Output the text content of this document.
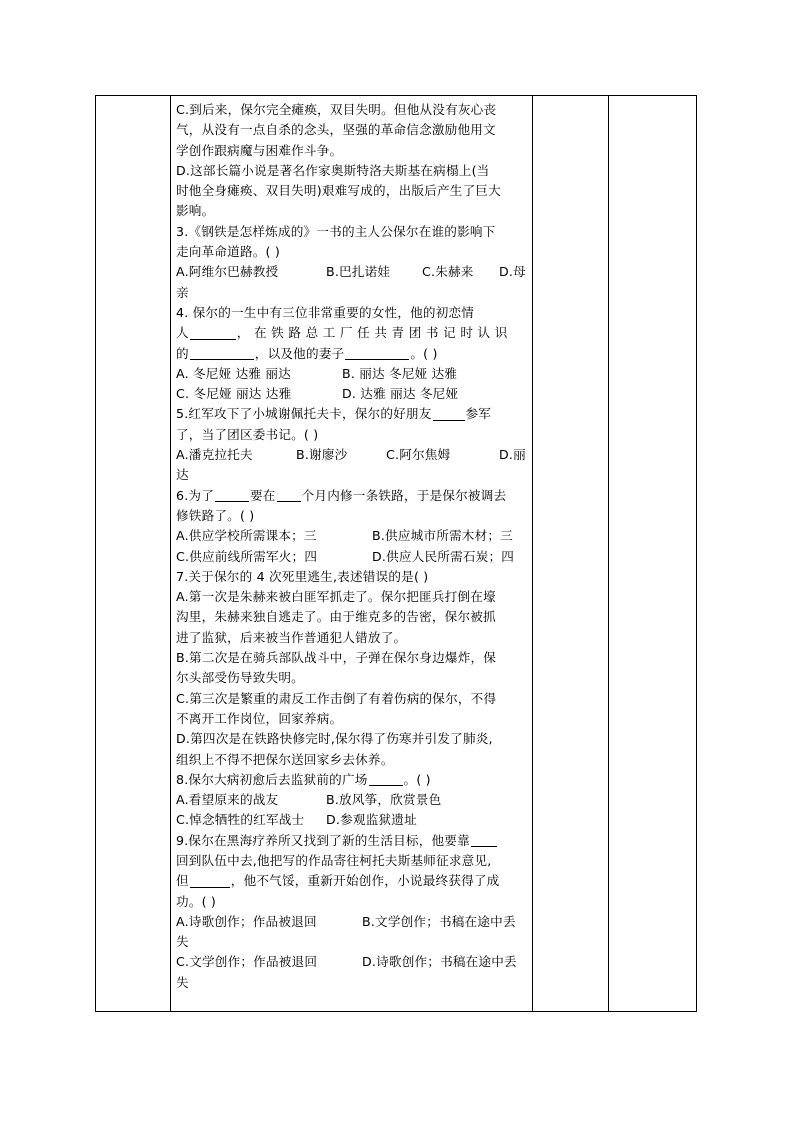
C.到后来，保尔完全瘫痪，双目失明。但他从没有灰心丧
气，从没有一点自杀的念头，坚强的革命信念激励他用文
学创作跟病魔与困难作斗争。
D.这部长篇小说是著名作家奥斯特洛夫斯基在病榻上(当
时他全身瘫痪、双目失明)艰难写成的，出版后产生了巨大
影响。
3.《钢铁是怎样炼成的》一书的主人公保尔在谁的影响下
走向革命道路。( )
A.阿维尔巴赫教授	B.巴扎诺娃	C.朱赫来 D.母
亲
4. 保尔的一生中有三位非常重要的女性，他的初恋情
人	，在铁路总工厂任共青团书记时认识
的	，以及他的妻子	。( )
A. 冬尼娅 达雅 丽达	B. 丽达 冬尼娅 达雅
C. 冬尼娅 丽达 达雅	D. 达雅 丽达 冬尼娅
5.红军攻下了小城谢佩托夫卡，保尔的好朋友	参军
了，当了团区委书记。( )
A.潘克拉托夫	B.谢廖沙	C.阿尔焦姆	D.丽
达
6.为了	要在 个月内修一条铁路，于是保尔被调去
修铁路了。( )
A.供应学校所需课本；三	B.供应城市所需木材；三
C.供应前线所需军火；四	D.供应人民所需石炭；四
7.关于保尔的 4 次死里逃生,表述错误的是( )
A.第一次是朱赫来被白匪军抓走了。保尔把匪兵打倒在壕
沟里，朱赫来独自逃走了。由于维克多的告密，保尔被抓
进了监狱，后来被当作普通犯人错放了。
B.第二次是在骑兵部队战斗中，子弹在保尔身边爆炸，保
尔头部受伤导致失明。
C.第三次是繁重的肃反工作击倒了有着伤病的保尔，不得
不离开工作岗位，回家养病。
D.第四次是在铁路快修完时,保尔得了伤寒并引发了肺炎,
组织上不得不把保尔送回家乡去休养。
8.保尔大病初愈后去监狱前的广场	。( )
A.看望原来的战友	B.放风筝，欣赏景色
C.悼念牺牲的红军战士 D.参观监狱遗址
9.保尔在黑海疗养所又找到了新的生活目标，他要靠
回到队伍中去,他把写的作品寄往柯托夫斯基师征求意见,
但	，他不气馁，重新开始创作，小说最终获得了成
功。( )
A.诗歌创作；作品被退回	B.文学创作；书稿在途中丢
失
C.文学创作；作品被退回	D.诗歌创作；书稿在途中丢
失
